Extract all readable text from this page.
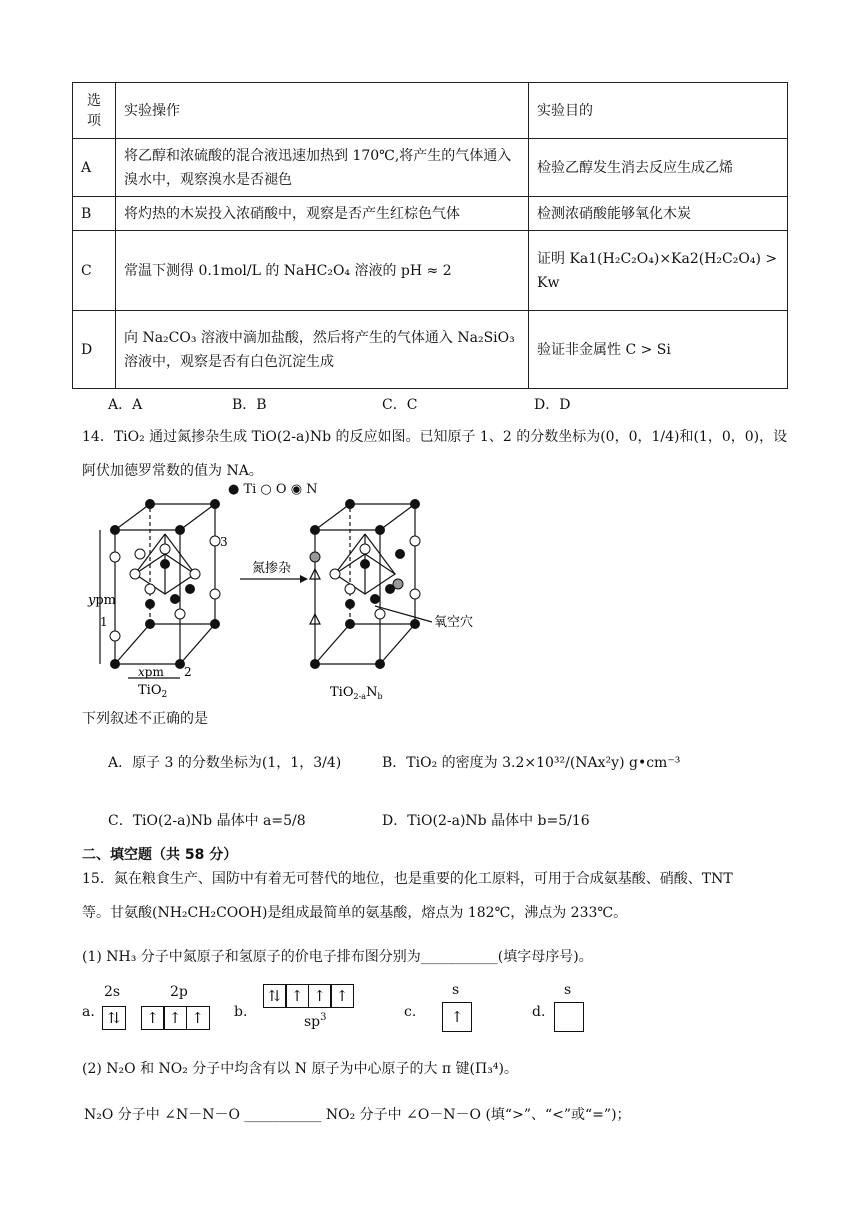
选
项	实验操作	实验目的
A	将乙醇和浓硫酸的混合液迅速加热到 170℃,将产生的气体通入溴水中，观察溴水是否褪色	检验乙醇发生消去反应生成乙烯
B	将灼热的木炭投入浓硝酸中，观察是否产生红棕色气体	检测浓硝酸能够氧化木炭
C	常温下测得 0.1mol/L 的 NaHC₂O₄ 溶液的 pH ≈ 2	证明 Ka1(H₂C₂O₄)×Ka2(H₂C₂O₄) > Kw
D	向 Na₂CO₃ 溶液中滴加盐酸，然后将产生的气体通入 Na₂SiO₃ 溶液中，观察是否有白色沉淀生成	验证非金属性 C > Si
A．A	B．B	C．C	D．D
14．TiO₂ 通过氮掺杂生成 TiO(2-a)Nb 的反应如图。已知原子 1、2 的分数坐标为(0，0，1/4)和(1，0，0)，设
阿伏加德罗常数的值为 NA。
● Ti ○ O ◉ N
ypm
xpm
1
2
3
TiO$_2$
氮掺杂
氧空穴
$TiO_{2-a}N_b$
下列叙述不正确的是
A．原子 3 的分数坐标为(1，1，3/4)	B．TiO₂ 的密度为 3.2×10³²/(NAx²y) g•cm⁻³
C．TiO(2-a)Nb 晶体中 a=5/8	D．TiO(2-a)Nb 晶体中 b=5/16
二、填空题（共 58 分）
15．氮在粮食生产、国防中有着无可替代的地位，也是重要的化工原料，可用于合成氨基酸、硝酸、TNT
等。甘氨酸(NH₂CH₂COOH)是组成最简单的氨基酸，熔点为 182℃，沸点为 233℃。
(1) NH₃ 分子中氮原子和氢原子的价电子排布图分别为___________(填字母序号)。
a.
2s
⇅
2p
↑ ↑ ↑	b.
⇅ ↑ ↑ ↑
$sp^3$	c.
s
↑	d.
s
(2) N₂O 和 NO₂ 分子中均含有以 N 原子为中心原子的大 π 键(Π₃⁴)。
N₂O 分子中 ∠N－N－O ___________ NO₂ 分子中 ∠O－N－O (填“>”、“<”或“=”)；
